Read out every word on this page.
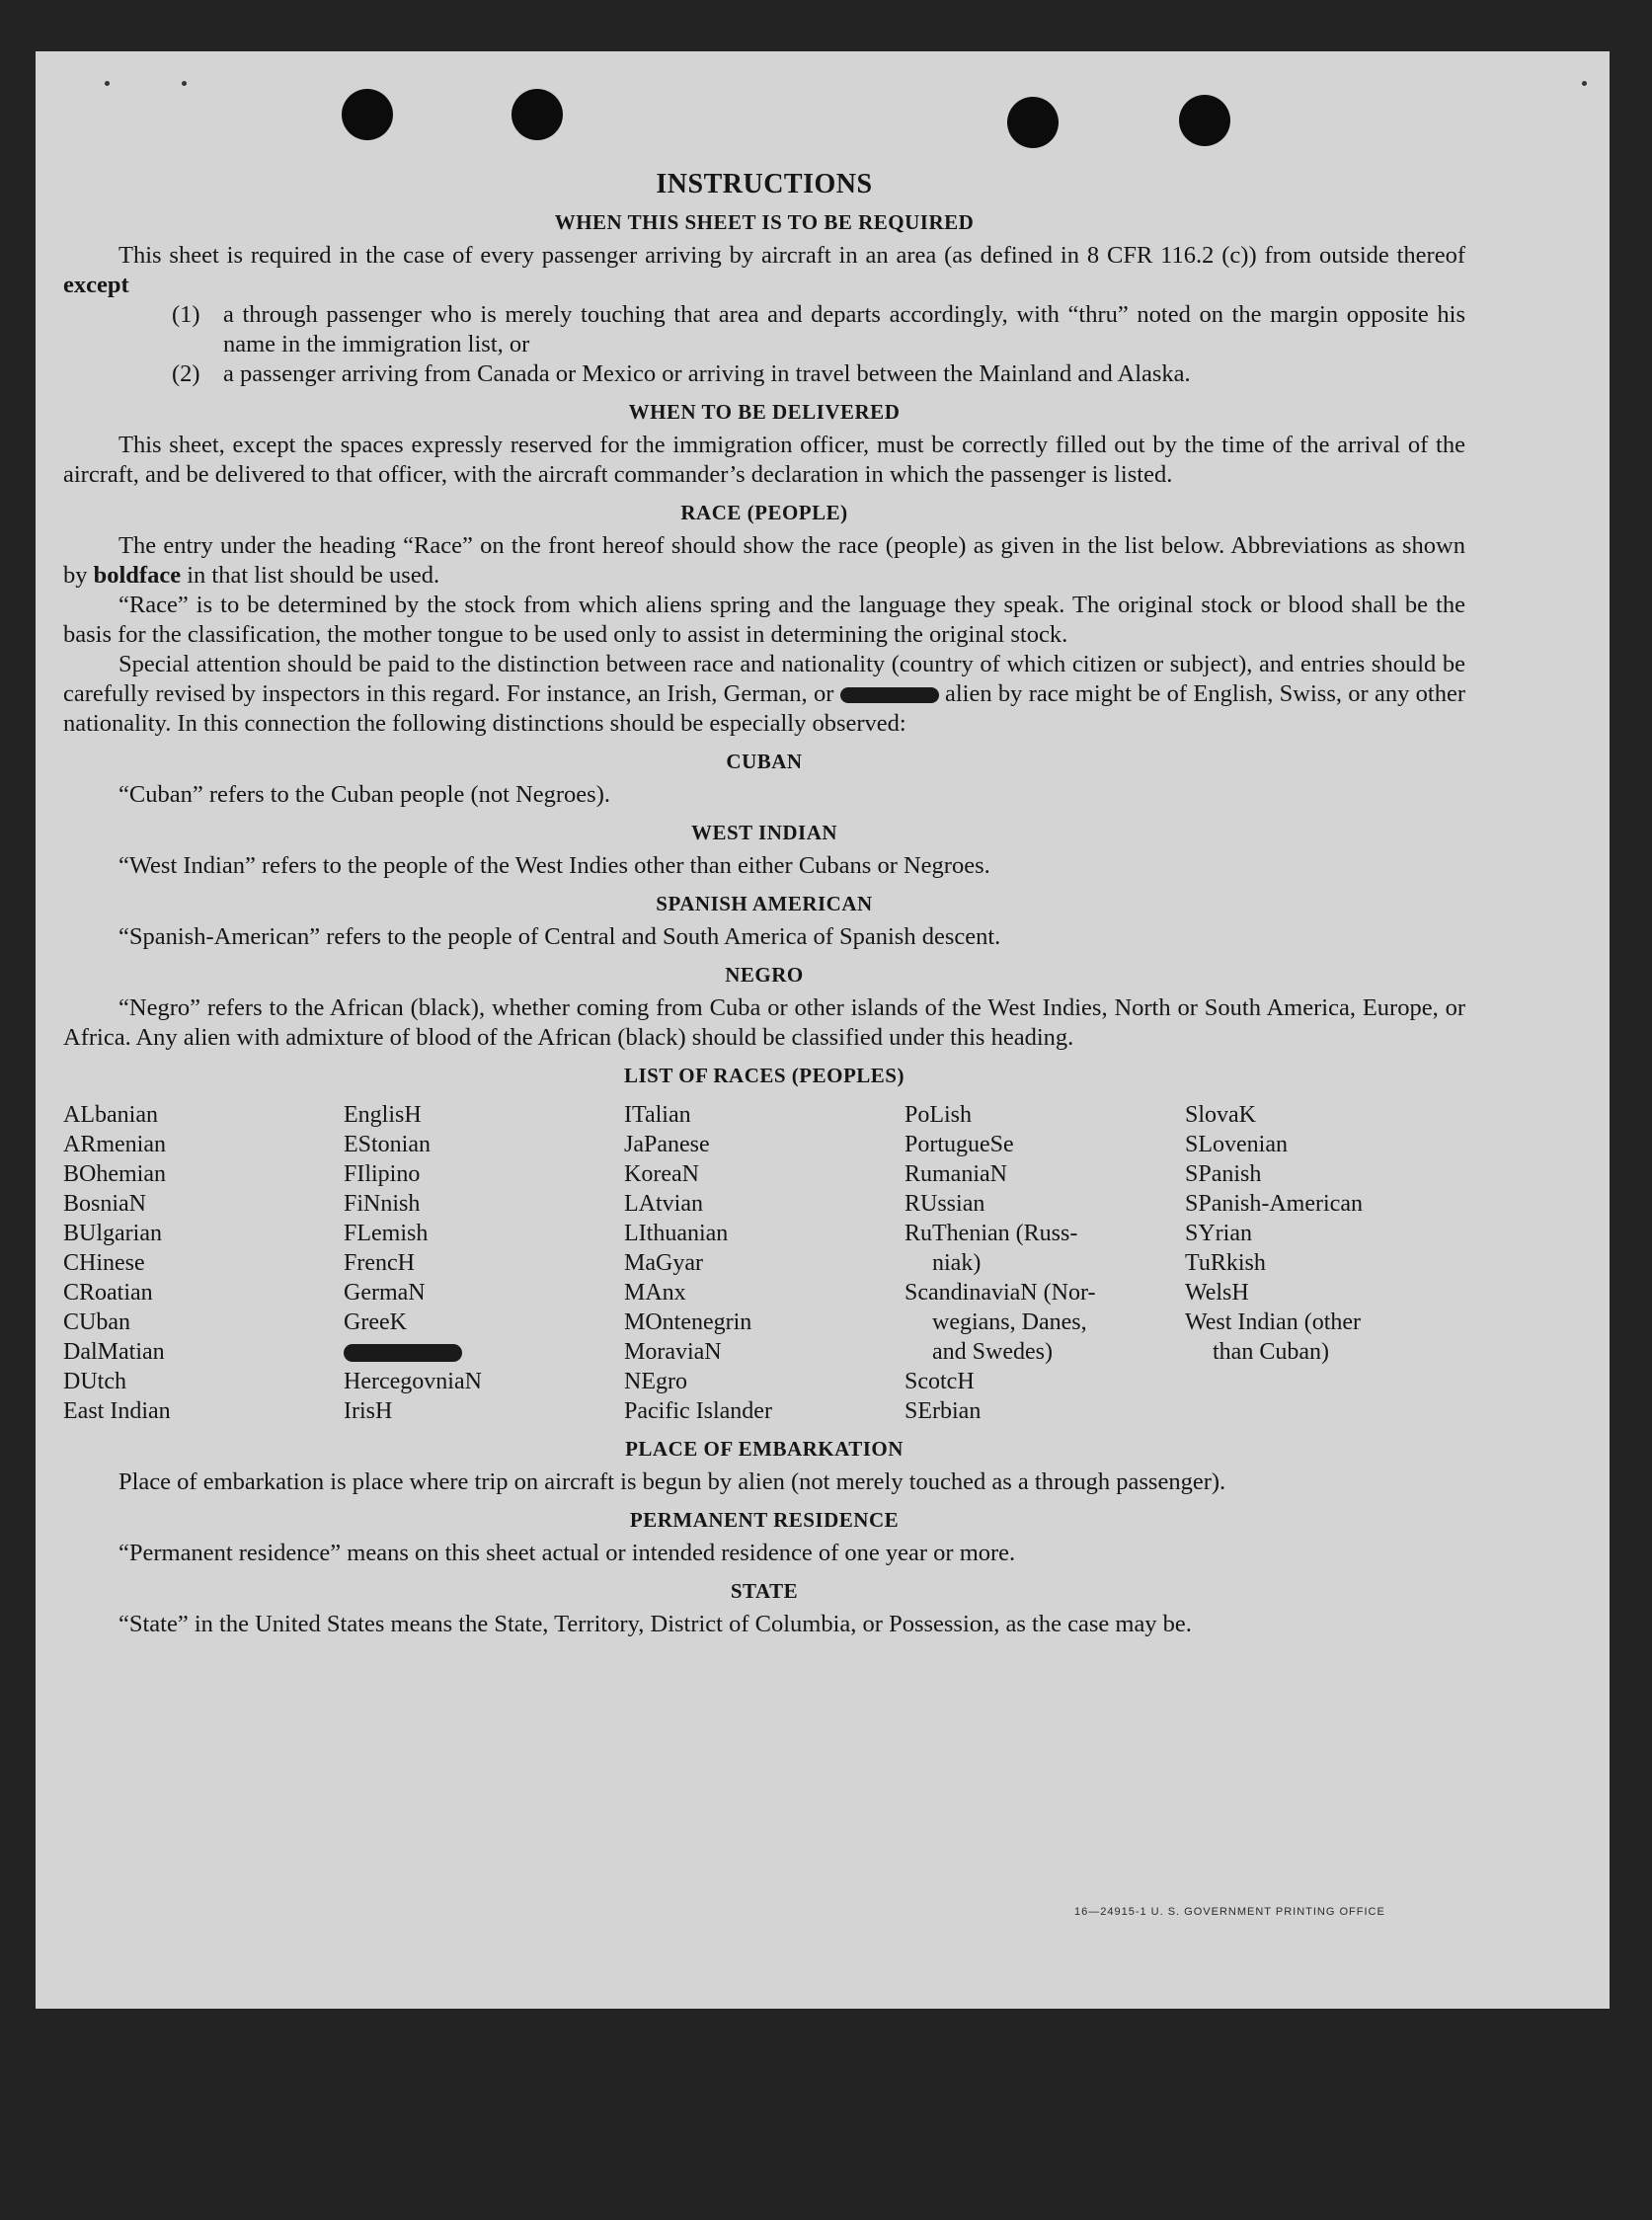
INSTRUCTIONS
WHEN THIS SHEET IS TO BE REQUIRED

This sheet is required in the case of every passenger arriving by aircraft in an area (as defined in 8 CFR 116.2 (c)) from outside thereof except

(1) a through passenger who is merely touching that area and departs accordingly, with “thru” noted on the margin opposite his name in the immigration list, or
(2) a passenger arriving from Canada or Mexico or arriving in travel between the Mainland and Alaska.
WHEN TO BE DELIVERED

This sheet, except the spaces expressly reserved for the immigration officer, must be correctly filled out by the time of the arrival of the aircraft, and be delivered to that officer, with the aircraft commander’s declaration in which the passenger is listed.

RACE (PEOPLE)

The entry under the heading “Race” on the front hereof should show the race (people) as given in the list below. Abbreviations as shown by boldface in that list should be used.

“Race” is to be determined by the stock from which aliens spring and the language they speak. The original stock or blood shall be the basis for the classification, the mother tongue to be used only to assist in determining the original stock.

Special attention should be paid to the distinction between race and nationality (country of which citizen or subject), and entries should be carefully revised by inspectors in this regard. For instance, an Irish, German, or	alien by race might be of English, Swiss, or any other nationality. In this connection the following distinctions should be especially observed:

CUBAN

“Cuban” refers to the Cuban people (not Negroes).

WEST INDIAN

“West Indian” refers to the people of the West Indies other than either Cubans or Negroes.

SPANISH AMERICAN

“Spanish-American” refers to the people of Central and South America of Spanish descent.

NEGRO

“Negro” refers to the African (black), whether coming from Cuba or other islands of the West Indies, North or South America, Europe, or Africa. Any alien with admixture of blood of the African (black) should be classified under this heading.

LIST OF RACES (PEOPLES)
ALbanian
ARmenian
BOhemian
BosniaN
BUlgarian
CHinese
CRoatian
CUban
DalMatian
DUtch
East Indian
EnglisH
EStonian
FIlipino
FiNnish
FLemish
FrencH
GermaN
GreeK
HercegovniaN
IrisH
ITalian
JaPanese
KoreaN
LAtvian
LIthuanian
MaGyar
MAnx
MOntenegrin
MoraviaN
NEgro
Pacific Islander
PoLish
PortugueSe
RumaniaN
RUssian
RuThenian (Russ-
niak)
ScandinaviaN (Nor-
wegians, Danes,
and Swedes)
ScotcH
SErbian
SlovaK
SLovenian
SPanish
SPanish-American
SYrian
TuRkish
WelsH
West Indian (other
than Cuban)
PLACE OF EMBARKATION

Place of embarkation is place where trip on aircraft is begun by alien (not merely touched as a through passenger).

PERMANENT RESIDENCE

“Permanent residence” means on this sheet actual or intended residence of one year or more.

STATE

“State” in the United States means the State, Territory, District of Columbia, or Possession, as the case may be.

16—24915-1 U. S. GOVERNMENT PRINTING OFFICE
